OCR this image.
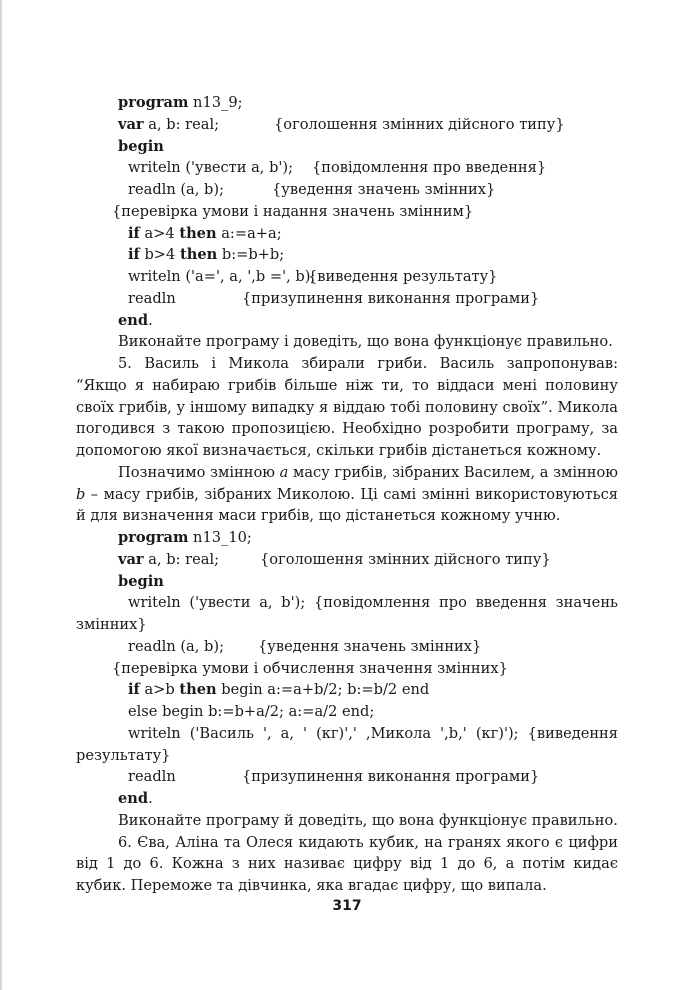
program n13_9;
var a, b: real;	{оголошення змінних дійсного типу}
begin
writeln ('увести a, b'); {повідомлення про введення}
readln (a, b);	{уведення значень змінних}
{перевірка умови і надання значень змінним}
if a>4 then a:=a+a;
if b>4 then b:=b+b;
writeln ('a=', a, ',b =', b);
{виведення результату}
readln	{призупинення виконання програми}
end.
Виконайте програму і доведіть, що вона функціонує правильно.
5. Василь і Микола збирали гриби. Василь запропонував: “Якщо я набираю грибів більше ніж ти, то віддаси мені половину своїх грибів, у іншому випадку я віддаю тобі половину своїх”. Микола погодився з такою пропозицією. Необхідно розробити програму, за допомогою якої визначається, скільки грибів дістанеться кожному.
Позначимо змінною a масу грибів, зібраних Василем, а змінною b – масу грибів, зібраних Миколою. Ці самі змінні використовуються й для визначення маси грибів, що дістанеться кожному учню.
program n13_10;
var a, b: real;	{оголошення змінних дійсного типу}
begin
writeln ('увести a, b'); {повідомлення про введення значень
змінних}
readln (a, b); {уведення значень змінних}
{перевірка умови і обчислення значення змінних}
if a>b then begin a:=a+b/2; b:=b/2 end
else begin b:=b+a/2; a:=a/2 end;
writeln ('Василь ', a, ' (кг)',' ,Микола ',b,' (кг)'); {виведення
результату}
readln	{призупинення виконання програми}
end.
Виконайте програму й доведіть, що вона функціонує правильно.
6. Єва, Аліна та Олеся кидають кубик, на гранях якого є цифри від 1 до 6. Кожна з них називає цифру від 1 до 6, а потім кидає кубик. Переможе та дівчинка, яка вгадає цифру, що випала.
317
